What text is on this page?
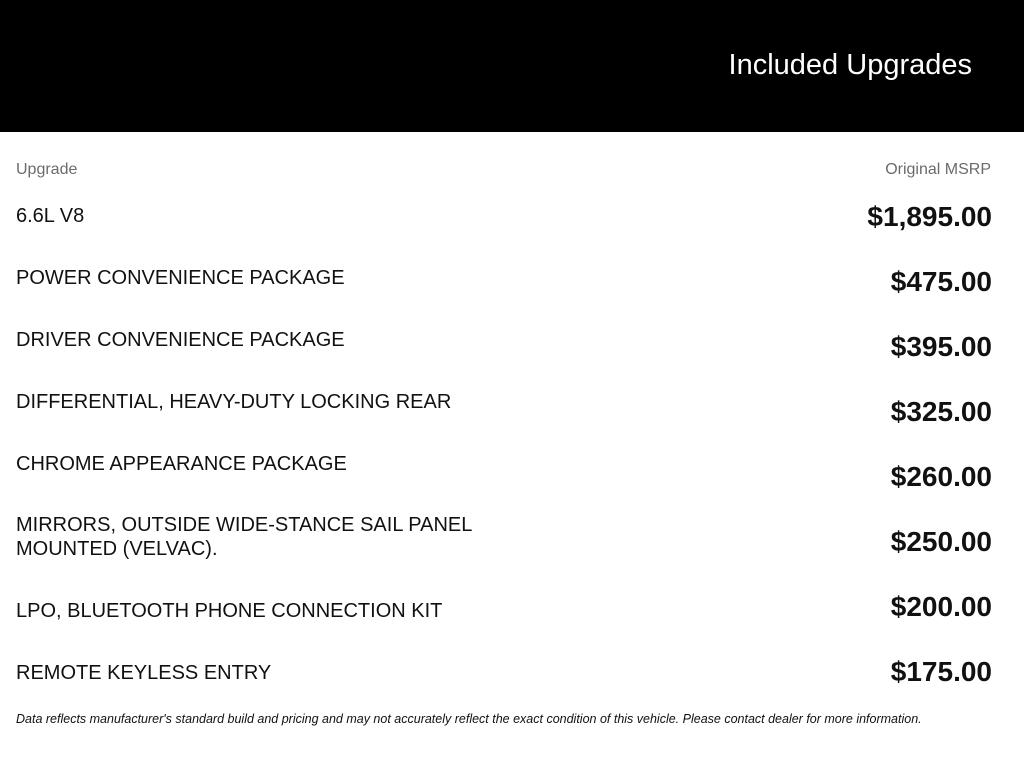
Included Upgrades
Upgrade	Original MSRP
6.6L V8	$1,895.00
POWER CONVENIENCE PACKAGE	$475.00
DRIVER CONVENIENCE PACKAGE	$395.00
DIFFERENTIAL, HEAVY-DUTY LOCKING REAR	$325.00
CHROME APPEARANCE PACKAGE	$260.00
MIRRORS, OUTSIDE WIDE-STANCE SAIL PANEL MOUNTED (VELVAC).	$250.00
LPO, BLUETOOTH PHONE CONNECTION KIT	$200.00
REMOTE KEYLESS ENTRY	$175.00
Data reflects manufacturer's standard build and pricing and may not accurately reflect the exact condition of this vehicle. Please contact dealer for more information.
